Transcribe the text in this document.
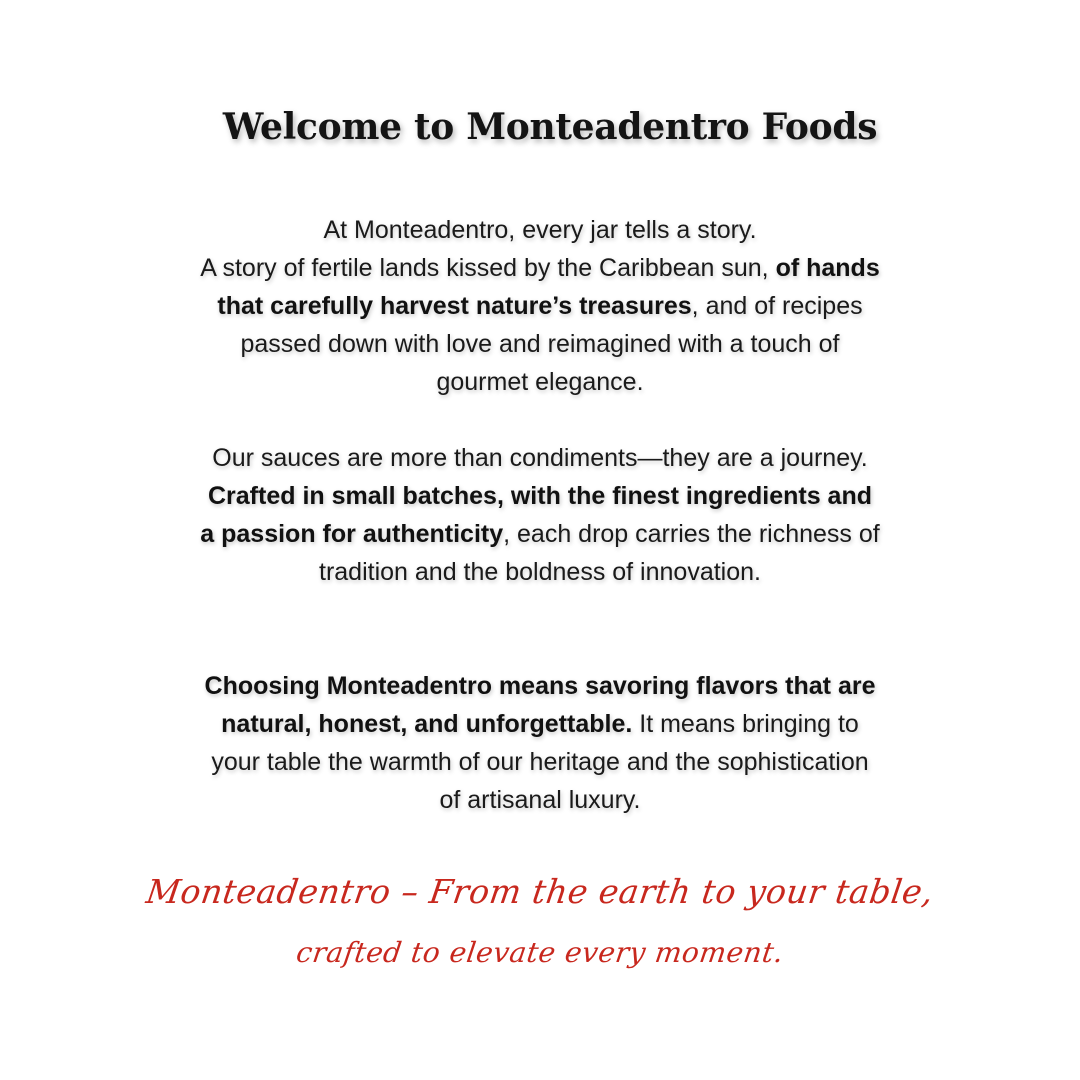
Welcome to Monteadentro Foods

At Monteadentro, every jar tells a story.
A story of fertile lands kissed by the Caribbean sun, of hands that carefully harvest nature’s treasures, and of recipes passed down with love and reimagined with a touch of gourmet elegance.

Our sauces are more than condiments—they are a journey. Crafted in small batches, with the finest ingredients and a passion for authenticity, each drop carries the richness of tradition and the boldness of innovation.

Choosing Monteadentro means savoring flavors that are natural, honest, and unforgettable. It means bringing to your table the warmth of our heritage and the sophistication of artisanal luxury.

Monteadentro – From the earth to your table,

crafted to elevate every moment.
